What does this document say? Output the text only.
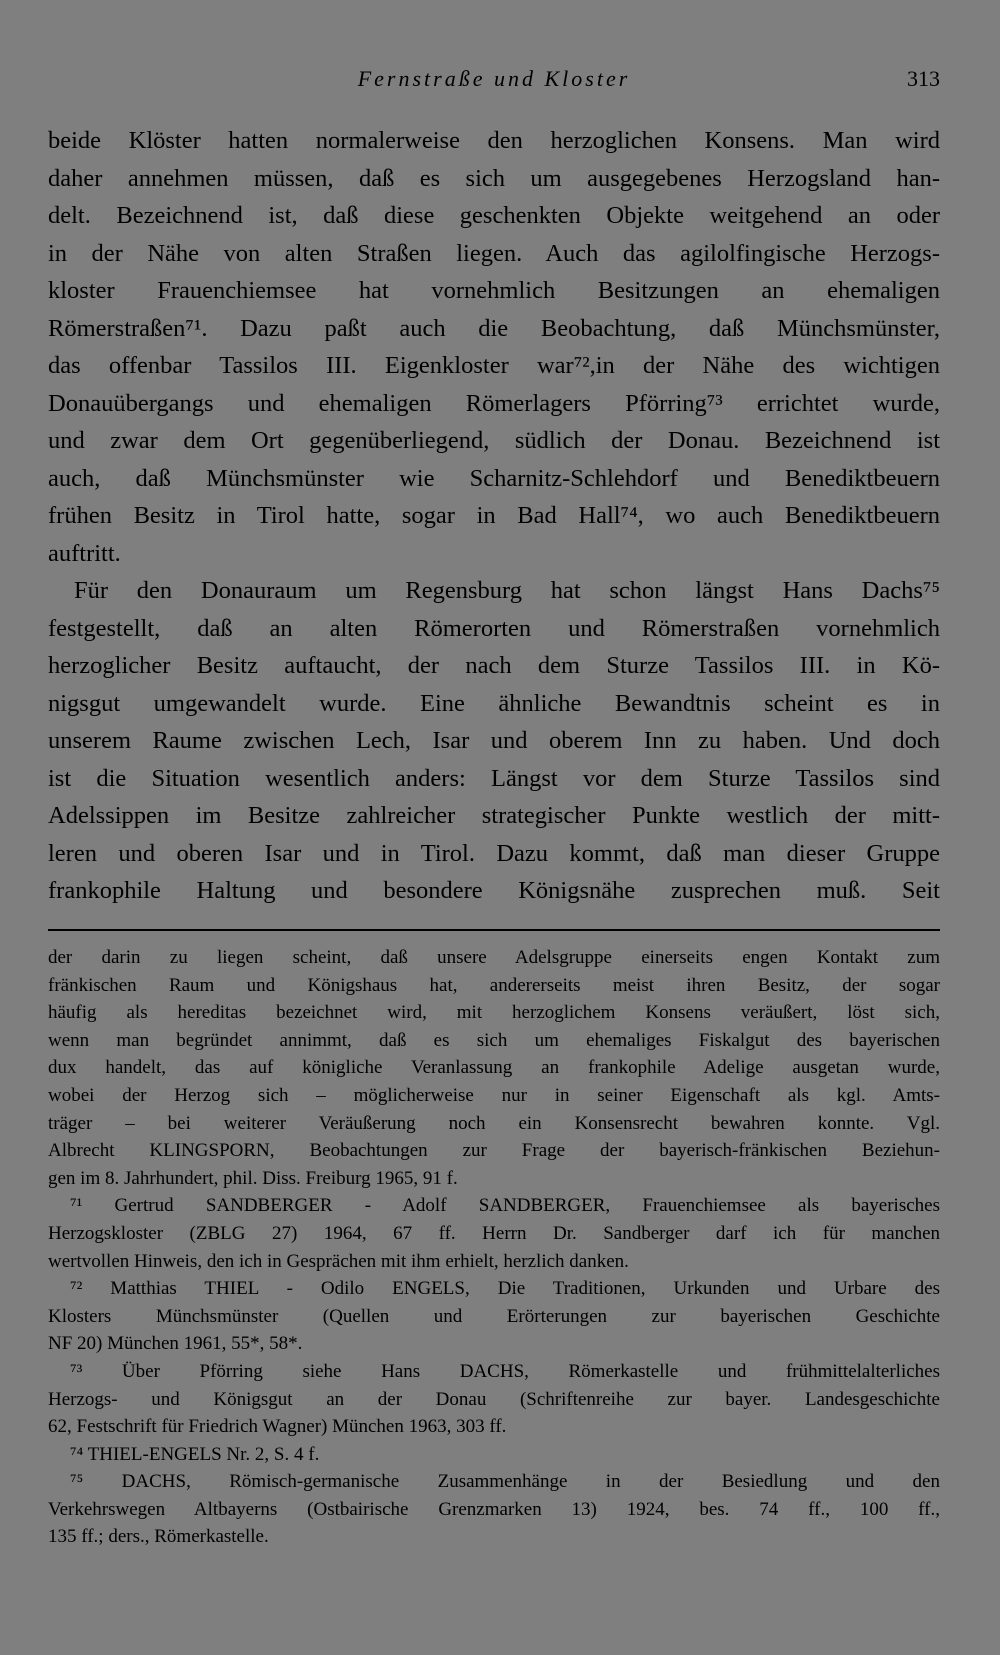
Fernstraße und Kloster	313
beide Klöster hatten normalerweise den herzoglichen Konsens. Man wird
daher annehmen müssen, daß es sich um ausgegebenes Herzogsland han-
delt. Bezeichnend ist, daß diese geschenkten Objekte weitgehend an oder
in der Nähe von alten Straßen liegen. Auch das agilolfingische Herzogs-
kloster Frauenchiemsee hat vornehmlich Besitzungen an ehemaligen
Römerstraßen⁷¹. Dazu paßt auch die Beobachtung, daß Münchsmünster,
das offenbar Tassilos III. Eigenkloster war⁷²,in der Nähe des wichtigen
Donauübergangs und ehemaligen Römerlagers Pförring⁷³ errichtet wurde,
und zwar dem Ort gegenüberliegend, südlich der Donau. Bezeichnend ist
auch, daß Münchsmünster wie Scharnitz-Schlehdorf und Benediktbeuern
frühen Besitz in Tirol hatte, sogar in Bad Hall⁷⁴, wo auch Benediktbeuern
auftritt.
Für den Donauraum um Regensburg hat schon längst Hans Dachs⁷⁵
festgestellt, daß an alten Römerorten und Römerstraßen vornehmlich
herzoglicher Besitz auftaucht, der nach dem Sturze Tassilos III. in Kö-
nigsgut umgewandelt wurde. Eine ähnliche Bewandtnis scheint es in
unserem Raume zwischen Lech, Isar und oberem Inn zu haben. Und doch
ist die Situation wesentlich anders: Längst vor dem Sturze Tassilos sind
Adelssippen im Besitze zahlreicher strategischer Punkte westlich der mitt-
leren und oberen Isar und in Tirol. Dazu kommt, daß man dieser Gruppe
frankophile Haltung und besondere Königsnähe zusprechen muß. Seit
der darin zu liegen scheint, daß unsere Adelsgruppe einerseits engen Kontakt zum
fränkischen Raum und Königshaus hat, andererseits meist ihren Besitz, der sogar
häufig als hereditas bezeichnet wird, mit herzoglichem Konsens veräußert, löst sich,
wenn man begründet annimmt, daß es sich um ehemaliges Fiskalgut des bayerischen
dux handelt, das auf königliche Veranlassung an frankophile Adelige ausgetan wurde,
wobei der Herzog sich – möglicherweise nur in seiner Eigenschaft als kgl. Amts-
träger – bei weiterer Veräußerung noch ein Konsensrecht bewahren konnte. Vgl.
Albrecht KLINGSPORN, Beobachtungen zur Frage der bayerisch-fränkischen Beziehun-
gen im 8. Jahrhundert, phil. Diss. Freiburg 1965, 91 f.
⁷¹ Gertrud SANDBERGER - Adolf SANDBERGER, Frauenchiemsee als bayerisches
Herzogskloster (ZBLG 27) 1964, 67 ff. Herrn Dr. Sandberger darf ich für manchen
wertvollen Hinweis, den ich in Gesprächen mit ihm erhielt, herzlich danken.
⁷² Matthias THIEL - Odilo ENGELS, Die Traditionen, Urkunden und Urbare des
Klosters Münchsmünster (Quellen und Erörterungen zur bayerischen Geschichte
NF 20) München 1961, 55*, 58*.
⁷³ Über Pförring siehe Hans DACHS, Römerkastelle und frühmittelalterliches
Herzogs- und Königsgut an der Donau (Schriftenreihe zur bayer. Landesgeschichte
62, Festschrift für Friedrich Wagner) München 1963, 303 ff.
⁷⁴ THIEL-ENGELS Nr. 2, S. 4 f.
⁷⁵ DACHS, Römisch-germanische Zusammenhänge in der Besiedlung und den
Verkehrswegen Altbayerns (Ostbairische Grenzmarken 13) 1924, bes. 74 ff., 100 ff.,
135 ff.; ders., Römerkastelle.
